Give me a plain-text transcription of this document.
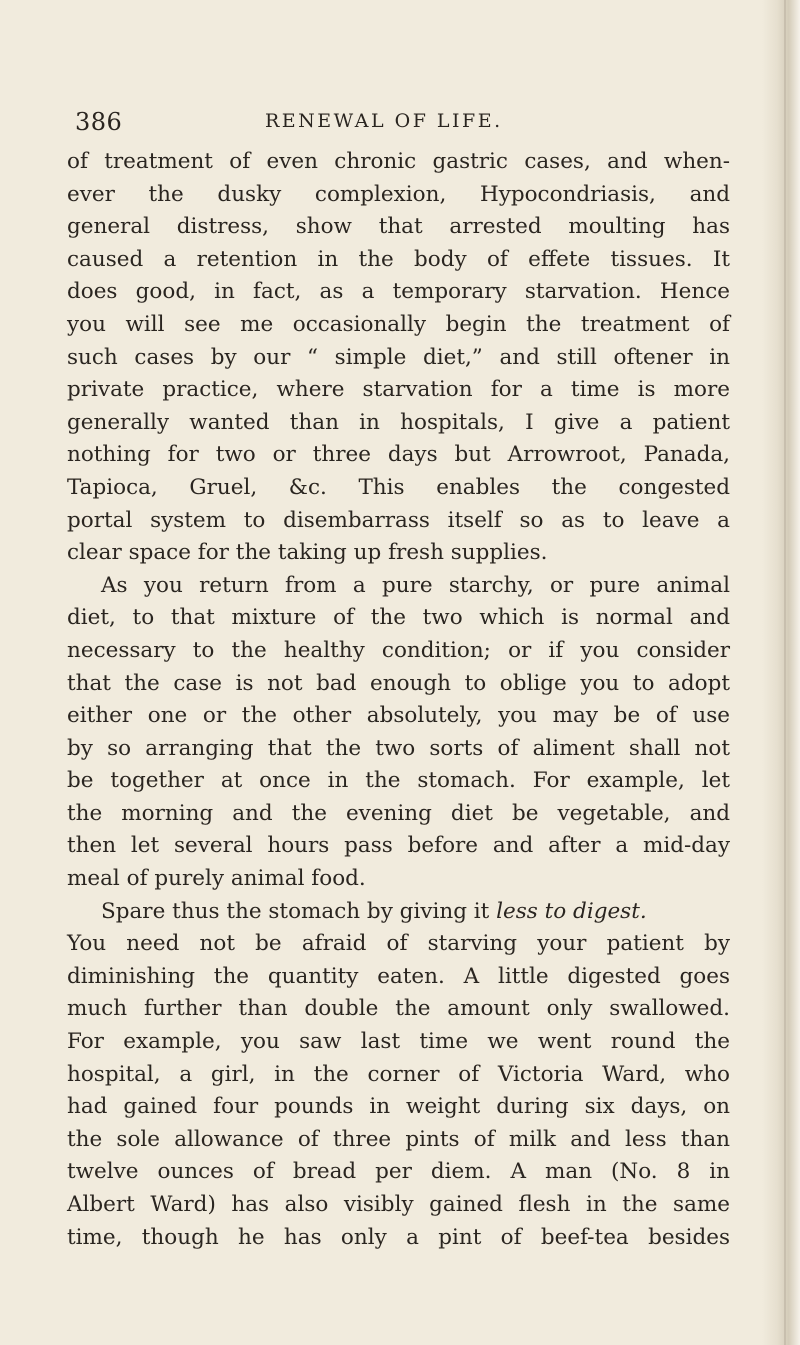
386	RENEWAL OF LIFE.
of treatment of even chronic gastric cases, and when-
ever the dusky complexion, Hypocondriasis, and
general distress, show that arrested moulting has
caused a retention in the body of effete tissues. It
does good, in fact, as a temporary starvation. Hence
you will see me occasionally begin the treatment of
such cases by our “ simple diet,” and still oftener in
private practice, where starvation for a time is more
generally wanted than in hospitals, I give a patient
nothing for two or three days but Arrowroot, Panada,
Tapioca, Gruel, &c. This enables the congested
portal system to disembarrass itself so as to leave a
clear space for the taking up fresh supplies.
As you return from a pure starchy, or pure animal
diet, to that mixture of the two which is normal and
necessary to the healthy condition; or if you consider
that the case is not bad enough to oblige you to adopt
either one or the other absolutely, you may be of use
by so arranging that the two sorts of aliment shall not
be together at once in the stomach. For example, let
the morning and the evening diet be vegetable, and
then let several hours pass before and after a mid-day
meal of purely animal food.
Spare thus the stomach by giving it less to digest.
You need not be afraid of starving your patient by
diminishing the quantity eaten. A little digested goes
much further than double the amount only swallowed.
For example, you saw last time we went round the
hospital, a girl, in the corner of Victoria Ward, who
had gained four pounds in weight during six days, on
the sole allowance of three pints of milk and less than
twelve ounces of bread per diem. A man (No. 8 in
Albert Ward) has also visibly gained flesh in the same
time, though he has only a pint of beef-tea besides
